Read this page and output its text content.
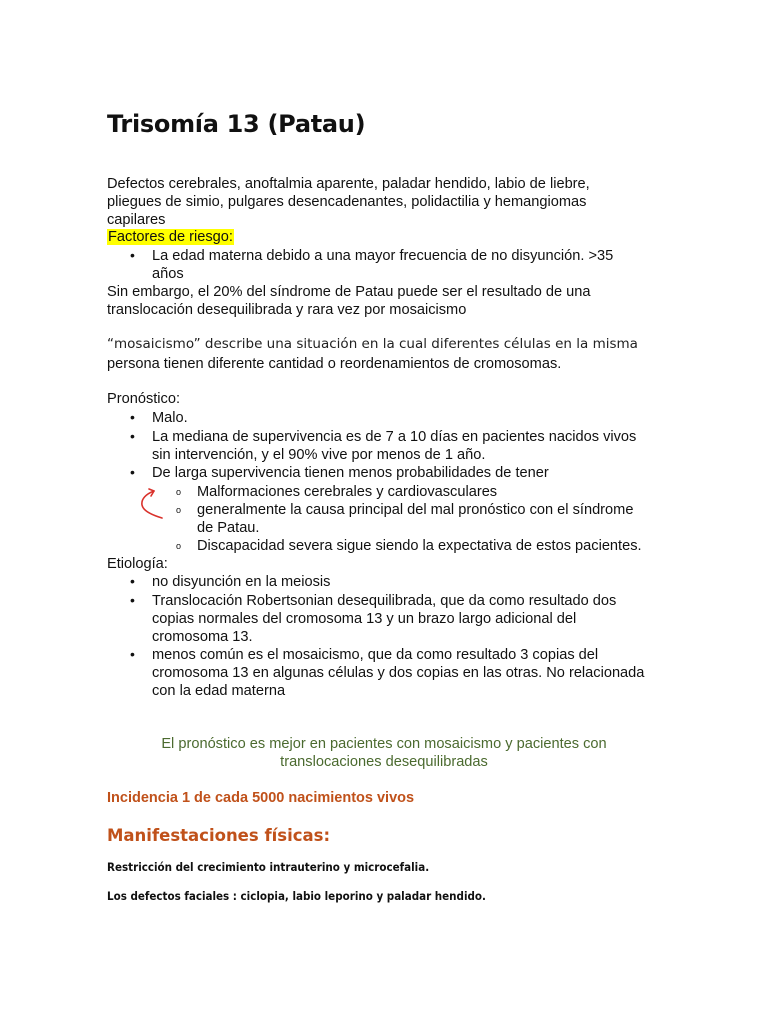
Trisomía 13 (Patau)
Defectos cerebrales, anoftalmia aparente, paladar hendido, labio de liebre,
pliegues de simio, pulgares desencadenantes, polidactilia y hemangiomas
capilares
Factores de riesgo:
• La edad materna debido a una mayor frecuencia de no disyunción. >35
años
Sin embargo, el 20% del síndrome de Patau puede ser el resultado de una
translocación desequilibrada y rara vez por mosaicismo
“mosaicismo” describe una situación en la cual diferentes células en la misma
persona tienen diferente cantidad o reordenamientos de cromosomas.
Pronóstico:
• Malo.
• La mediana de supervivencia es de 7 a 10 días en pacientes nacidos vivos
sin intervención, y el 90% vive por menos de 1 año.
• De larga supervivencia tienen menos probabilidades de tener
o Malformaciones cerebrales y cardiovasculares
o generalmente la causa principal del mal pronóstico con el síndrome
de Patau.
o Discapacidad severa sigue siendo la expectativa de estos pacientes.
Etiología:
• no disyunción en la meiosis
• Translocación Robertsonian desequilibrada, que da como resultado dos
copias normales del cromosoma 13 y un brazo largo adicional del
cromosoma 13.
• menos común es el mosaicismo, que da como resultado 3 copias del
cromosoma 13 en algunas células y dos copias en las otras. No relacionada
con la edad materna
El pronóstico es mejor en pacientes con mosaicismo y pacientes con
translocaciones desequilibradas
Incidencia 1 de cada 5000 nacimientos vivos
Manifestaciones físicas:
Restricción del crecimiento intrauterino y microcefalia.
Los defectos faciales : ciclopia, labio leporino y paladar hendido.
